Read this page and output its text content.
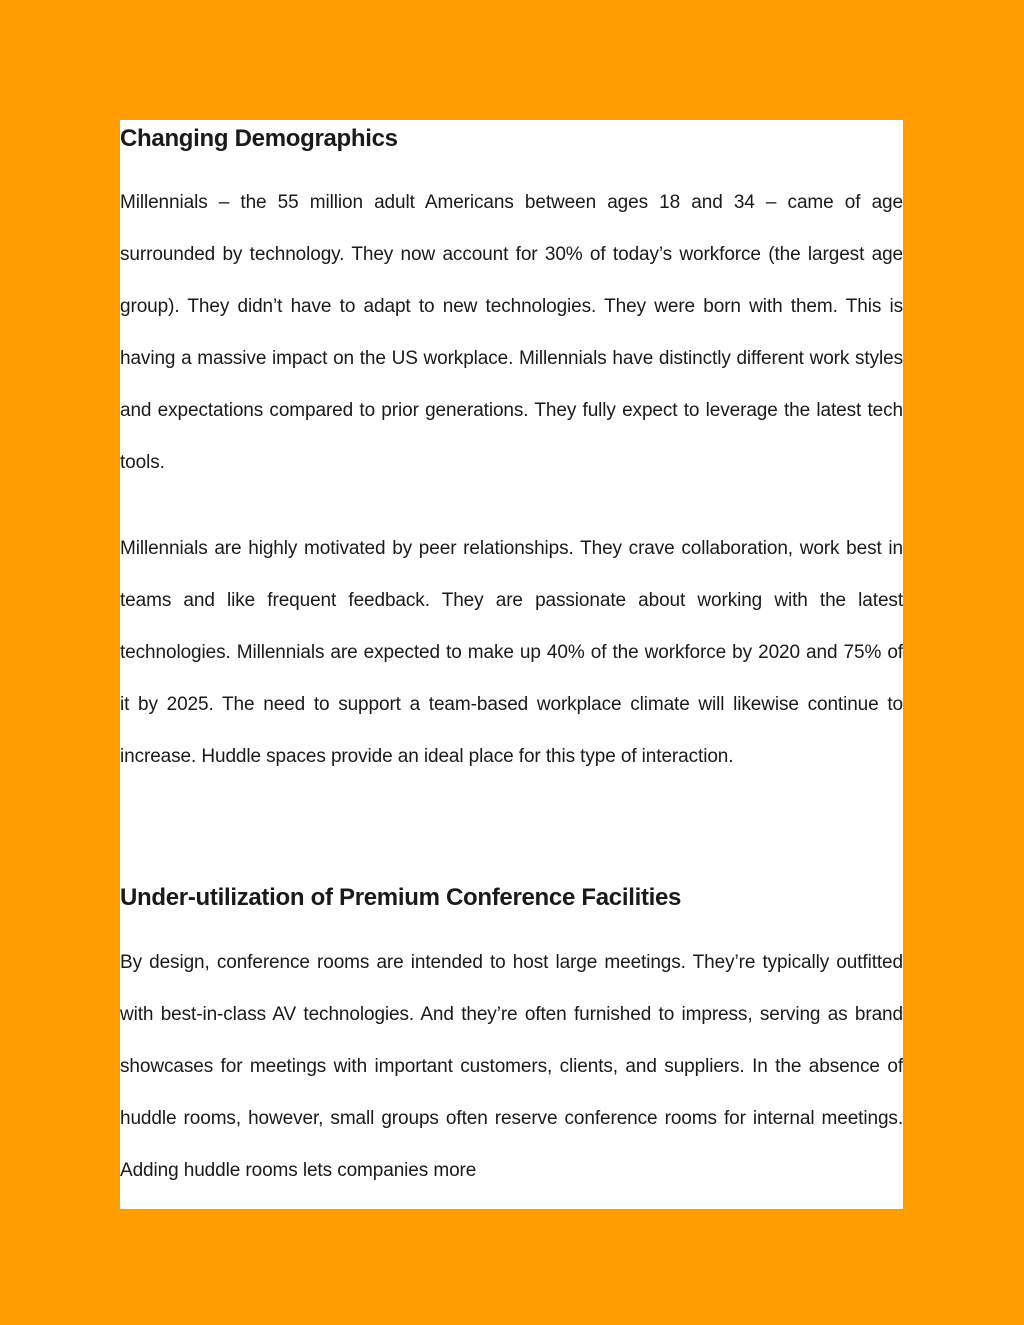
Changing Demographics

Millennials – the 55 million adult Americans between ages 18 and 34 – came of age surrounded by technology. They now account for 30% of today’s workforce (the largest age group). They didn’t have to adapt to new technologies. They were born with them. This is having a massive impact on the US workplace. Millennials have distinctly different work styles and expectations compared to prior generations. They fully expect to leverage the latest tech tools.

Millennials are highly motivated by peer relationships. They crave collaboration, work best in teams and like frequent feedback. They are passionate about working with the latest technologies. Millennials are expected to make up 40% of the workforce by 2020 and 75% of it by 2025. The need to support a team-based workplace climate will likewise continue to increase. Huddle spaces provide an ideal place for this type of interaction.

Under-utilization of Premium Conference Facilities

By design, conference rooms are intended to host large meetings. They’re typically outfitted with best-in-class AV technologies. And they’re often furnished to impress, serving as brand showcases for meetings with important customers, clients, and suppliers. In the absence of huddle rooms, however, small groups often reserve conference rooms for internal meetings. Adding huddle rooms lets companies more
